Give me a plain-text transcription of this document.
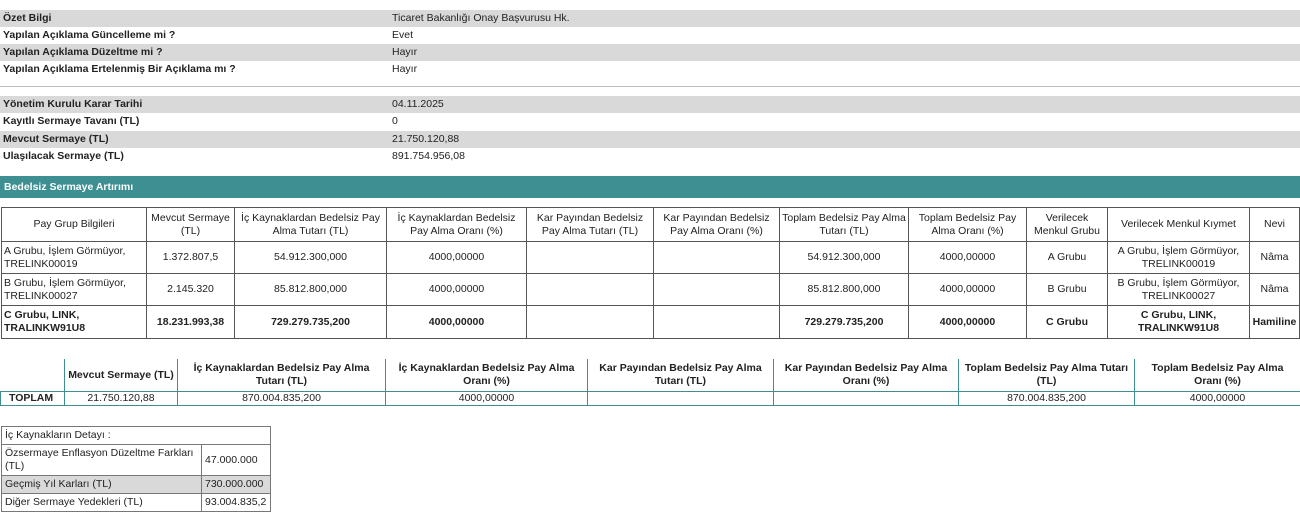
Özet Bilgi	Ticaret Bakanlığı Onay Başvurusu Hk.
Yapılan Açıklama Güncelleme mi ?	Evet
Yapılan Açıklama Düzeltme mi ?	Hayır
Yapılan Açıklama Ertelenmiş Bir Açıklama mı ?	Hayır
Yönetim Kurulu Karar Tarihi	04.11.2025
Kayıtlı Sermaye Tavanı (TL)	0
Mevcut Sermaye (TL)	21.750.120,88
Ulaşılacak Sermaye (TL)	891.754.956,08
Bedelsiz Sermaye Artırımı
Pay Grup Bilgileri	Mevcut Sermaye (TL)	İç Kaynaklardan Bedelsiz Pay Alma Tutarı (TL)	İç Kaynaklardan Bedelsiz Pay Alma Oranı (%)	Kar Payından Bedelsiz Pay Alma Tutarı (TL)	Kar Payından Bedelsiz Pay Alma Oranı (%)	Toplam Bedelsiz Pay Alma Tutarı (TL)	Toplam Bedelsiz Pay Alma Oranı (%)	Verilecek Menkul Grubu	Verilecek Menkul Kıymet	Nevi
A Grubu, İşlem Görmüyor, TRELINK00019	1.372.807,5	54.912.300,000	4000,00000			54.912.300,000	4000,00000	A Grubu	A Grubu, İşlem Görmüyor, TRELINK00019	Nâma
B Grubu, İşlem Görmüyor, TRELINK00027	2.145.320	85.812.800,000	4000,00000			85.812.800,000	4000,00000	B Grubu	B Grubu, İşlem Görmüyor, TRELINK00027	Nâma
C Grubu, LINK, TRALINKW91U8	18.231.993,38	729.279.735,200	4000,00000			729.279.735,200	4000,00000	C Grubu	C Grubu, LINK, TRALINKW91U8	Hamiline
	Mevcut Sermaye (TL)	İç Kaynaklardan Bedelsiz Pay Alma Tutarı (TL)	İç Kaynaklardan Bedelsiz Pay Alma Oranı (%)	Kar Payından Bedelsiz Pay Alma Tutarı (TL)	Kar Payından Bedelsiz Pay Alma Oranı (%)	Toplam Bedelsiz Pay Alma Tutarı (TL)	Toplam Bedelsiz Pay Alma Oranı (%)
TOPLAM	21.750.120,88	870.004.835,200	4000,00000			870.004.835,200	4000,00000
İç Kaynakların Detayı :	
Özsermaye Enflasyon Düzeltme Farkları (TL)	47.000.000
Geçmiş Yıl Karları (TL)	730.000.000
Diğer Sermaye Yedekleri (TL)	93.004.835,2
